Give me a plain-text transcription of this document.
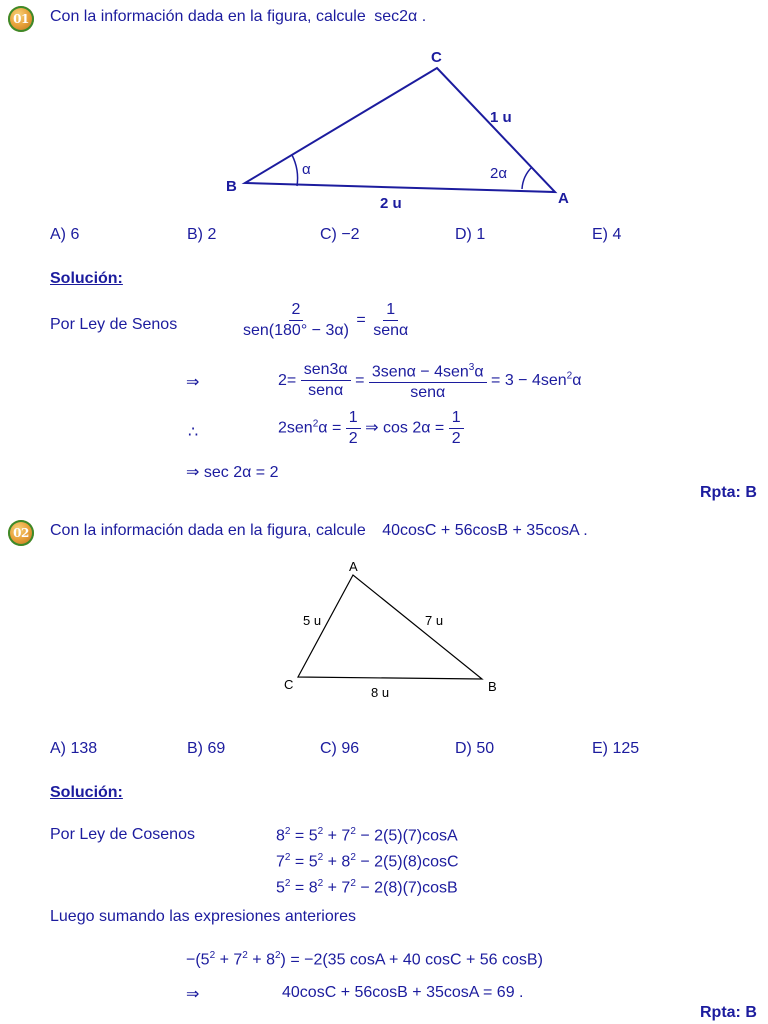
01 Con la información dada en la figura, calcule sec2α .
C
B
A
1 u
2 u
α	2α
A) 6	B) 2	C) −2	D) 1	E) 4
Solución:
Por Ley de Senos	$\frac{2}{\text{sen(180° − 3α)}} = \frac{1}{\text{senα}}$
⇒	$2= \frac{\text{sen3α}}{\text{senα}} = \frac{3sen\alpha - 4sen^3\alpha}{\text{senα}} = 3 - 4sen^2\alpha$
∴	$2sen^2\alpha = \frac{1}{2}$ ⇒ $\cos 2\alpha = \frac{1}{2}$
⇒ sec 2α = 2
Rpta: B
02 Con la información dada en la figura, calcule 40cosC + 56cosB + 35cosA .
A
C	B
5 u	7 u
8 u
A) 138	B) 69	C) 96	D) 50	E) 125
Solución:
Por Ley de Cosenos	$8^2 = 5^2 + 7^2 - 2(5)(7)\cos A$
$7^2 = 5^2 + 8^2 - 2(5)(8)\cos C$
$5^2 = 8^2 + 7^2 - 2(8)(7)\cos B$
Luego sumando las expresiones anteriores
$-(5^2 + 7^2 + 8^2) = -2(35$ cosA + 40 cosC + 56 cosB)
⇒	40cosC + 56cosB + 35cosA = 69 .
Rpta: B
